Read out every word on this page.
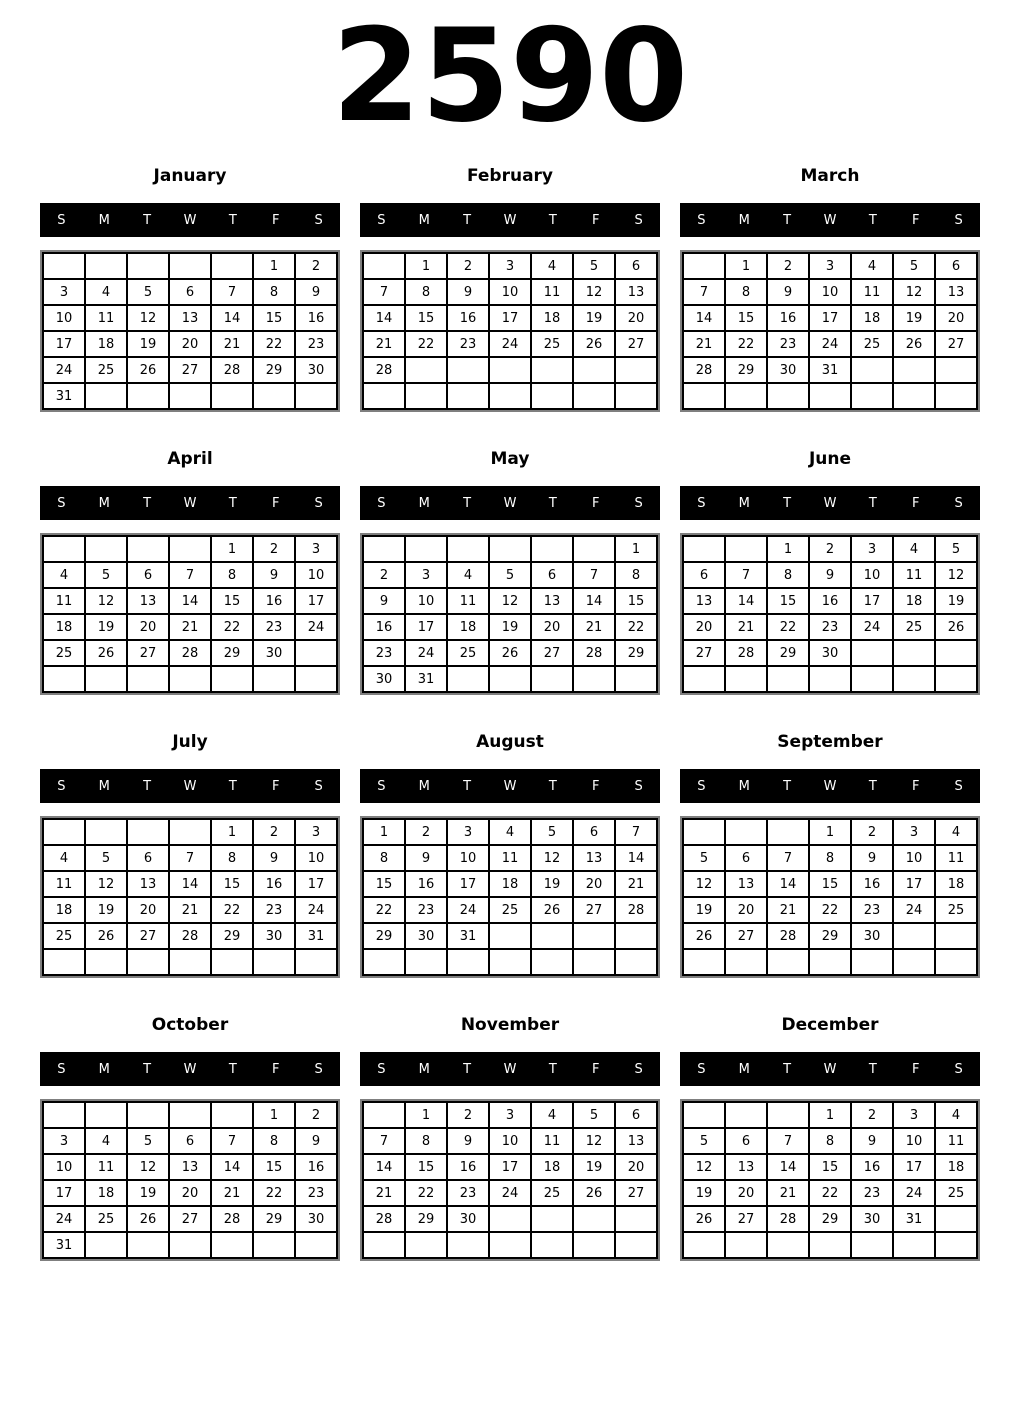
2590
January
S	M	T	W	T	F	S
					1	2
3	4	5	6	7	8	9
10	11	12	13	14	15	16
17	18	19	20	21	22	23
24	25	26	27	28	29	30
31						
February
S	M	T	W	T	F	S
	1	2	3	4	5	6
7	8	9	10	11	12	13
14	15	16	17	18	19	20
21	22	23	24	25	26	27
28						

March
S	M	T	W	T	F	S
	1	2	3	4	5	6
7	8	9	10	11	12	13
14	15	16	17	18	19	20
21	22	23	24	25	26	27
28	29	30	31			

April
S	M	T	W	T	F	S
				1	2	3
4	5	6	7	8	9	10
11	12	13	14	15	16	17
18	19	20	21	22	23	24
25	26	27	28	29	30	

May
S	M	T	W	T	F	S
						1
2	3	4	5	6	7	8
9	10	11	12	13	14	15
16	17	18	19	20	21	22
23	24	25	26	27	28	29
30	31					
June
S	M	T	W	T	F	S
		1	2	3	4	5
6	7	8	9	10	11	12
13	14	15	16	17	18	19
20	21	22	23	24	25	26
27	28	29	30			

July
S	M	T	W	T	F	S
				1	2	3
4	5	6	7	8	9	10
11	12	13	14	15	16	17
18	19	20	21	22	23	24
25	26	27	28	29	30	31

August
S	M	T	W	T	F	S
1	2	3	4	5	6	7
8	9	10	11	12	13	14
15	16	17	18	19	20	21
22	23	24	25	26	27	28
29	30	31				

September
S	M	T	W	T	F	S
			1	2	3	4
5	6	7	8	9	10	11
12	13	14	15	16	17	18
19	20	21	22	23	24	25
26	27	28	29	30		

October
S	M	T	W	T	F	S
					1	2
3	4	5	6	7	8	9
10	11	12	13	14	15	16
17	18	19	20	21	22	23
24	25	26	27	28	29	30
31						
November
S	M	T	W	T	F	S
	1	2	3	4	5	6
7	8	9	10	11	12	13
14	15	16	17	18	19	20
21	22	23	24	25	26	27
28	29	30				

December
S	M	T	W	T	F	S
			1	2	3	4
5	6	7	8	9	10	11
12	13	14	15	16	17	18
19	20	21	22	23	24	25
26	27	28	29	30	31	
